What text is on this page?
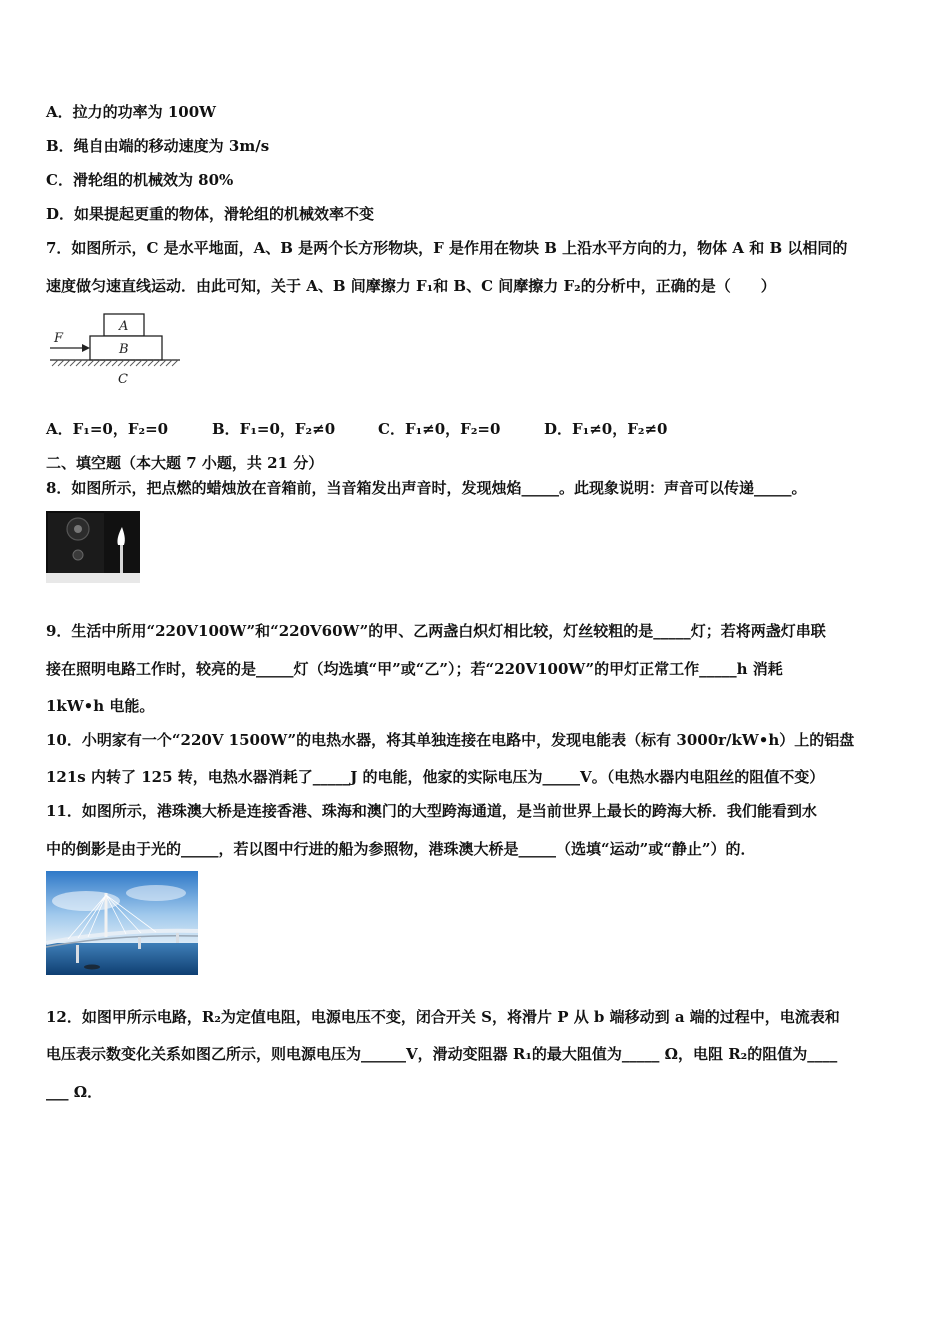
A．拉力的功率为 100W
B．绳自由端的移动速度为 3m/s
C．滑轮组的机械效为 80%
D．如果提起更重的物体，滑轮组的机械效率不变
7．如图所示，C 是水平地面，A、B 是两个长方形物块，F 是作用在物块 B 上沿水平方向的力，物体 A 和 B 以相同的
速度做匀速直线运动．由此可知，关于 A、B 间摩擦力 F₁和 B、C 间摩擦力 F₂的分析中，正确的是（　　）
F
A
B
C
A．F₁=0，F₂=0	B．F₁=0，F₂≠0	C．F₁≠0，F₂=0	D．F₁≠0，F₂≠0
二、填空题（本大题 7 小题，共 21 分）
8．如图所示，把点燃的蜡烛放在音箱前，当音箱发出声音时，发现烛焰_____。此现象说明：声音可以传递_____。
9．生活中所用“220V100W”和“220V60W”的甲、乙两盏白炽灯相比较，灯丝较粗的是_____灯；若将两盏灯串联
接在照明电路工作时，较亮的是_____灯（均选填“甲”或“乙”）；若“220V100W”的甲灯正常工作_____h 消耗
1kW•h 电能。
10．小明家有一个“220V 1500W”的电热水器，将其单独连接在电路中，发现电能表（标有 3000r/kW•h）上的铝盘
121s 内转了 125 转，电热水器消耗了_____J 的电能，他家的实际电压为_____V。（电热水器内电阻丝的阻值不变）
11．如图所示，港珠澳大桥是连接香港、珠海和澳门的大型跨海通道，是当前世界上最长的跨海大桥．我们能看到水
中的倒影是由于光的_____，若以图中行进的船为参照物，港珠澳大桥是_____（选填“运动”或“静止”）的．
12．如图甲所示电路，R₂为定值电阻，电源电压不变，闭合开关 S，将滑片 P 从 b 端移动到 a 端的过程中，电流表和
电压表示数变化关系如图乙所示，则电源电压为______V，滑动变阻器 R₁的最大阻值为_____ Ω，电阻 R₂的阻值为____
___ Ω．
